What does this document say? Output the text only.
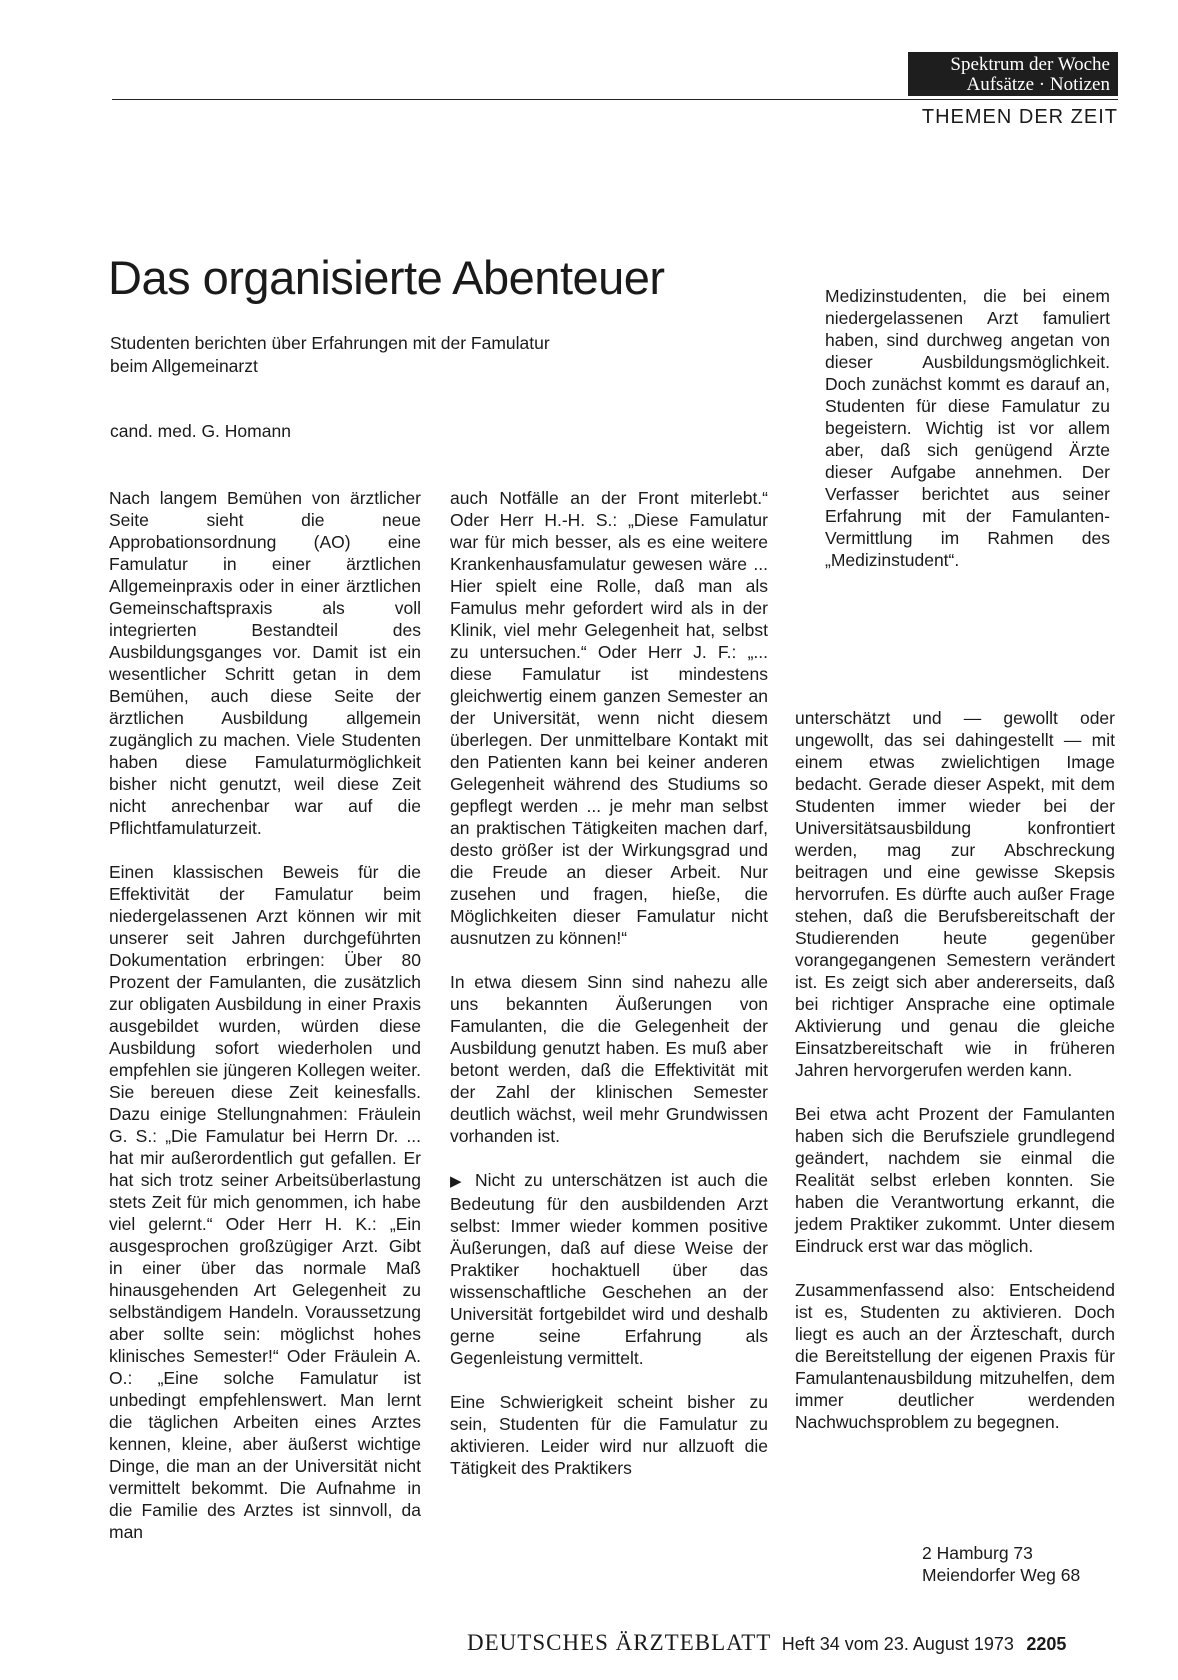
Spektrum der Woche
Aufsätze · Notizen
THEMEN DER ZEIT
Das organisierte Abenteuer
Studenten berichten über Erfahrungen mit der Famulatur beim Allgemeinarzt
cand. med. G. Homann

Nach langem Bemühen von ärztlicher Seite sieht die neue Approbationsordnung (AO) eine Famulatur in einer ärztlichen Allgemeinpraxis oder in einer ärztlichen Gemeinschaftspraxis als voll integrierten Bestandteil des Ausbildungsganges vor. Damit ist ein wesentlicher Schritt getan in dem Bemühen, auch diese Seite der ärztlichen Ausbildung allgemein zugänglich zu machen. Viele Studenten haben diese Famulaturmöglichkeit bisher nicht genutzt, weil diese Zeit nicht anrechenbar war auf die Pflichtfamulaturzeit.

Einen klassischen Beweis für die Effektivität der Famulatur beim niedergelassenen Arzt können wir mit unserer seit Jahren durchgeführten Dokumentation erbringen: Über 80 Prozent der Famulanten, die zusätzlich zur obligaten Ausbildung in einer Praxis ausgebildet wurden, würden diese Ausbildung sofort wiederholen und empfehlen sie jüngeren Kollegen weiter. Sie bereuen diese Zeit keinesfalls. Dazu einige Stellungnahmen: Fräulein G. S.: „Die Famulatur bei Herrn Dr. ... hat mir außerordentlich gut gefallen. Er hat sich trotz seiner Arbeitsüberlastung stets Zeit für mich genommen, ich habe viel gelernt.“ Oder Herr H. K.: „Ein ausgesprochen großzügiger Arzt. Gibt in einer über das normale Maß hinausgehenden Art Gelegenheit zu selbständigem Handeln. Voraussetzung aber sollte sein: möglichst hohes klinisches Semester!“ Oder Fräulein A. O.: „Eine solche Famulatur ist unbedingt empfehlenswert. Man lernt die täglichen Arbeiten eines Arztes kennen, kleine, aber äußerst wichtige Dinge, die man an der Universität nicht vermittelt bekommt. Die Aufnahme in die Familie des Arztes ist sinnvoll, da man

auch Notfälle an der Front miterlebt.“ Oder Herr H.-H. S.: „Diese Famulatur war für mich besser, als es eine weitere Krankenhausfamulatur gewesen wäre ... Hier spielt eine Rolle, daß man als Famulus mehr gefordert wird als in der Klinik, viel mehr Gelegenheit hat, selbst zu untersuchen.“ Oder Herr J. F.: „... diese Famulatur ist mindestens gleichwertig einem ganzen Semester an der Universität, wenn nicht diesem überlegen. Der unmittelbare Kontakt mit den Patienten kann bei keiner anderen Gelegenheit während des Studiums so gepflegt werden ... je mehr man selbst an praktischen Tätigkeiten machen darf, desto größer ist der Wirkungsgrad und die Freude an dieser Arbeit. Nur zusehen und fragen, hieße, die Möglichkeiten dieser Famulatur nicht ausnutzen zu können!“

In etwa diesem Sinn sind nahezu alle uns bekannten Äußerungen von Famulanten, die die Gelegenheit der Ausbildung genutzt haben. Es muß aber betont werden, daß die Effektivität mit der Zahl der klinischen Semester deutlich wächst, weil mehr Grundwissen vorhanden ist.

▶ Nicht zu unterschätzen ist auch die Bedeutung für den ausbildenden Arzt selbst: Immer wieder kommen positive Äußerungen, daß auf diese Weise der Praktiker hochaktuell über das wissenschaftliche Geschehen an der Universität fortgebildet wird und deshalb gerne seine Erfahrung als Gegenleistung vermittelt.

Eine Schwierigkeit scheint bisher zu sein, Studenten für die Famulatur zu aktivieren. Leider wird nur allzuoft die Tätigkeit des Praktikers

Medizinstudenten, die bei einem niedergelassenen Arzt famuliert haben, sind durchweg angetan von dieser Ausbildungsmöglichkeit. Doch zunächst kommt es darauf an, Studenten für diese Famulatur zu begeistern. Wichtig ist vor allem aber, daß sich genügend Ärzte dieser Aufgabe annehmen. Der Verfasser berichtet aus seiner Erfahrung mit der Famulanten-Vermittlung im Rahmen des „Medizinstudent“.

unterschätzt und — gewollt oder ungewollt, das sei dahingestellt — mit einem etwas zwielichtigen Image bedacht. Gerade dieser Aspekt, mit dem Studenten immer wieder bei der Universitätsausbildung konfrontiert werden, mag zur Abschreckung beitragen und eine gewisse Skepsis hervorrufen. Es dürfte auch außer Frage stehen, daß die Berufsbereitschaft der Studierenden heute gegenüber vorangegangenen Semestern verändert ist. Es zeigt sich aber andererseits, daß bei richtiger Ansprache eine optimale Aktivierung und genau die gleiche Einsatzbereitschaft wie in früheren Jahren hervorgerufen werden kann.

Bei etwa acht Prozent der Famulanten haben sich die Berufsziele grundlegend geändert, nachdem sie einmal die Realität selbst erleben konnten. Sie haben die Verantwortung erkannt, die jedem Praktiker zukommt. Unter diesem Eindruck erst war das möglich.

Zusammenfassend also: Entscheidend ist es, Studenten zu aktivieren. Doch liegt es auch an der Ärzteschaft, durch die Bereitstellung der eigenen Praxis für Famulantenausbildung mitzuhelfen, dem immer deutlicher werdenden Nachwuchsproblem zu begegnen.

2 Hamburg 73
Meiendorfer Weg 68
DEUTSCHES ÄRZTEBLATT Heft 34 vom 23. August 1973 2205
